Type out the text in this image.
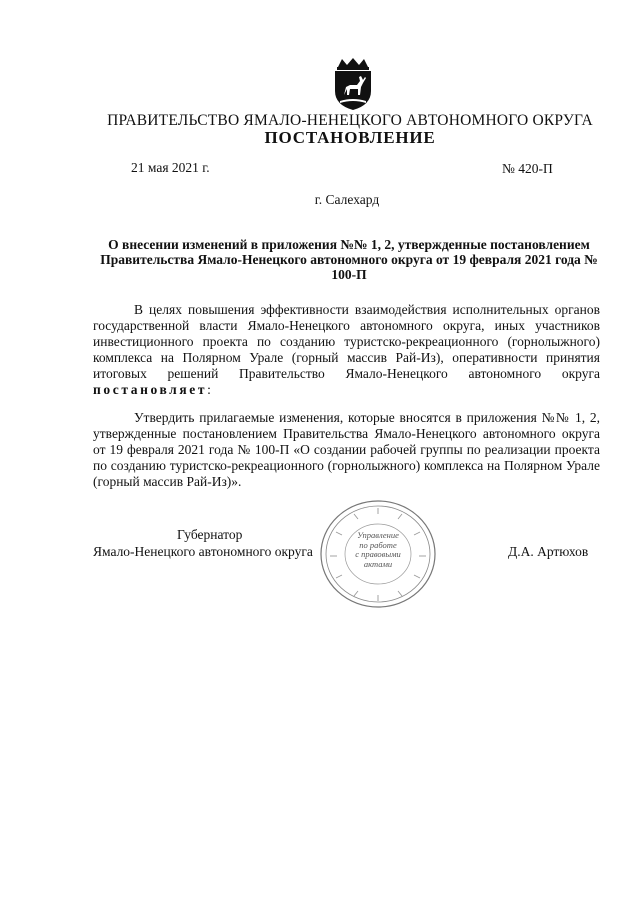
ПРАВИТЕЛЬСТВО ЯМАЛО-НЕНЕЦКОГО АВТОНОМНОГО ОКРУГА
ПОСТАНОВЛЕНИЕ
21 мая 2021 г.	№ 420-П
г. Салехард
О внесении изменений в приложения №№ 1, 2, утвержденные постановлением Правительства Ямало-Ненецкого автономного округа от 19 февраля 2021 года № 100-П
В целях повышения эффективности взаимодействия исполнительных органов государственной власти Ямало-Ненецкого автономного округа, иных участников инвестиционного проекта по созданию туристско-рекреационного (горнолыжного) комплекса на Полярном Урале (горный массив Рай-Из), оперативности принятия итоговых решений Правительство Ямало-Ненецкого автономного округа постановляет:
Утвердить прилагаемые изменения, которые вносятся в приложения №№ 1, 2, утвержденные постановлением Правительства Ямало-Ненецкого автономного округа от 19 февраля 2021 года № 100-П «О создании рабочей группы по реализации проекта по созданию туристско-рекреационного (горнолыжного) комплекса на Полярном Урале (горный массив Рай-Из)».
Губернатор
Ямало-Ненецкого автономного округа	Д.А. Артюхов
Управление
по работе
с правовыми
актами
